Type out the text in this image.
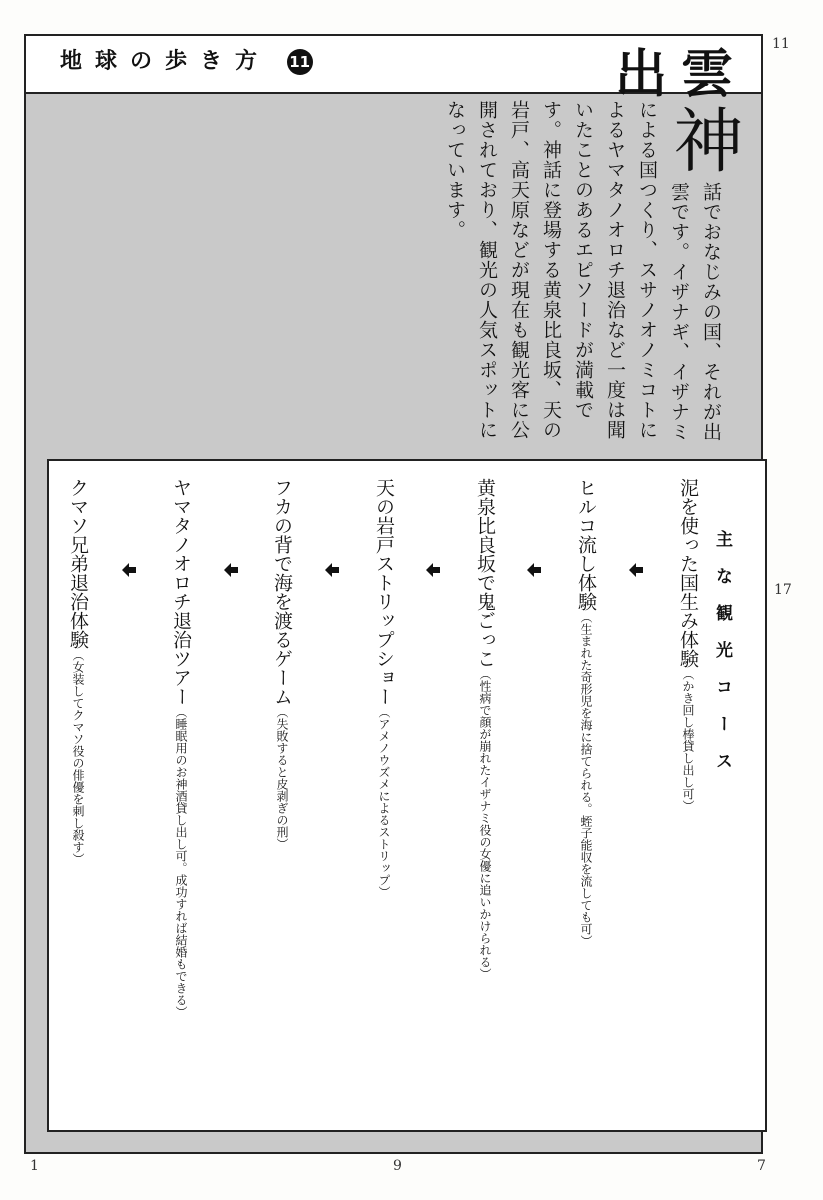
地球の歩き方 11	出雲
神
話でおなじみの国、それが出
雲です。イザナギ、イザナミ
による国つくり、スサノオノミコトに
よるヤマタノオロチ退治など一度は聞
いたことのあるエピソードが満載で
す。神話に登場する黄泉比良坂、天の
岩戸、高天原などが現在も観光客に公
開されており、観光の人気スポットに
なっています。
主な観光コース
泥を使った国生み体験（かき回し棒貸し出し可）
ヒルコ流し体験（生まれた奇形児を海に捨てられる。蛭子能収を流しても可）
黄泉比良坂で鬼ごっこ（性病で顔が崩れたイザナミ役の女優に追いかけられる）
天の岩戸ストリップショー（アメノウズメによるストリップ）
フカの背で海を渡るゲーム（失敗すると皮剥ぎの刑）
ヤマタノオロチ退治ツアー（睡眠用のお神酒貸し出し可。成功すれば結婚もできる）
クマソ兄弟退治体験（女装してクマソ役の俳優を刺し殺す）
11
17
1	9	7
